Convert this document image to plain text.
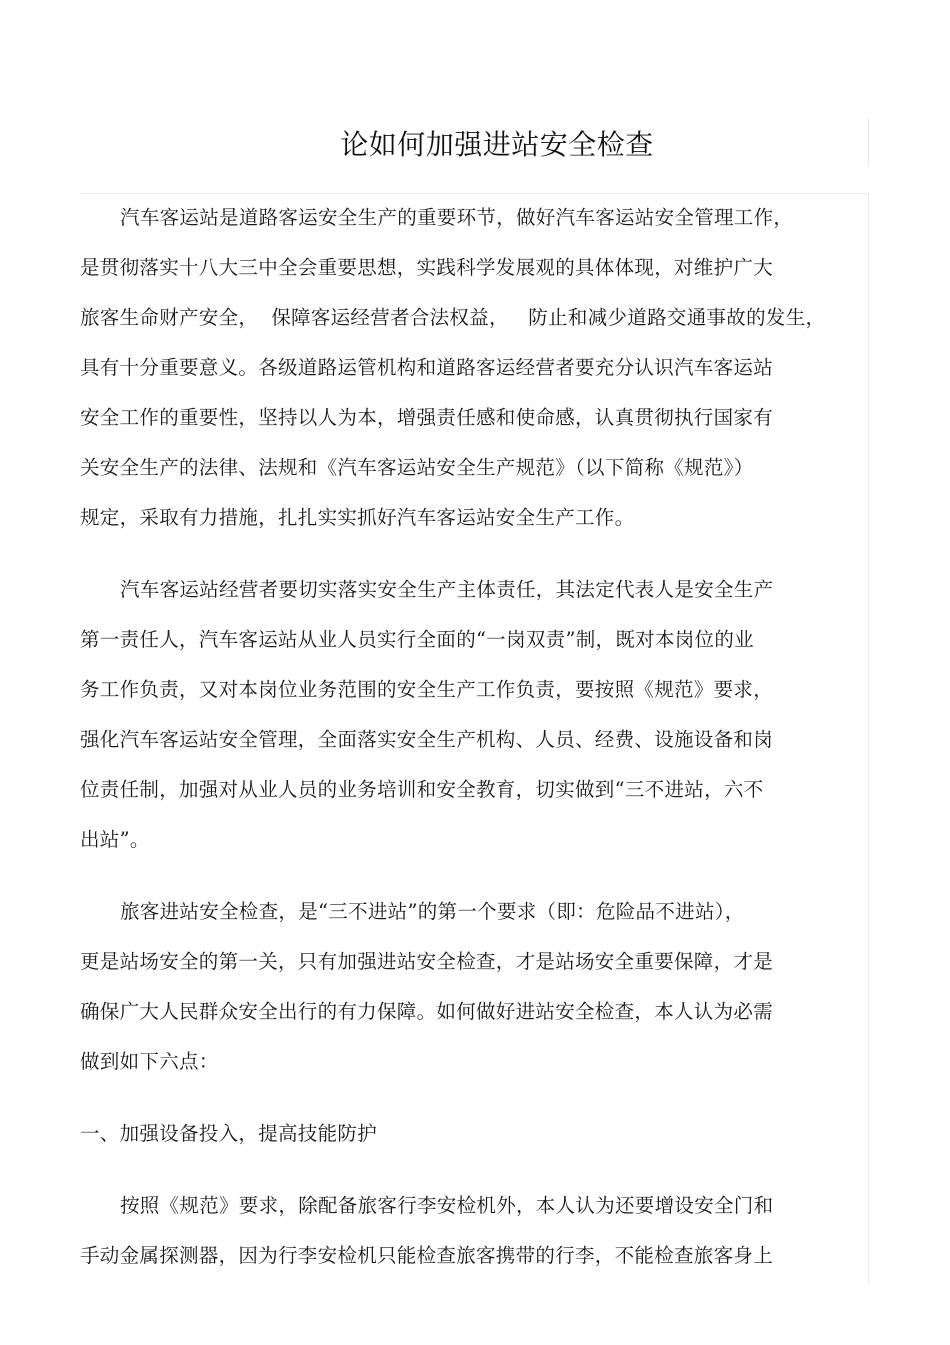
论如何加强进站安全检查
汽车客运站是道路客运安全生产的重要环节，做好汽车客运站安全管理工作，
是贯彻落实十八大三中全会重要思想，实践科学发展观的具体体现，对维护广大
旅客生命财产安全，  保障客运经营者合法权益，   防止和减少道路交通事故的发生，
具有十分重要意义。各级道路运管机构和道路客运经营者要充分认识汽车客运站
安全工作的重要性，坚持以人为本，增强责任感和使命感，认真贯彻执行国家有
关安全生产的法律、法规和《汽车客运站安全生产规范》（以下简称《规范》）
规定，采取有力措施，扎扎实实抓好汽车客运站安全生产工作。
汽车客运站经营者要切实落实安全生产主体责任，其法定代表人是安全生产
第一责任人，汽车客运站从业人员实行全面的“一岗双责”制，既对本岗位的业
务工作负责，又对本岗位业务范围的安全生产工作负责，要按照《规范》要求，
强化汽车客运站安全管理，全面落实安全生产机构、人员、经费、设施设备和岗
位责任制，加强对从业人员的业务培训和安全教育，切实做到“三不进站，六不
出站”。
旅客进站安全检查，是“三不进站”的第一个要求（即：危险品不进站），
更是站场安全的第一关，只有加强进站安全检查，才是站场安全重要保障，才是
确保广大人民群众安全出行的有力保障。如何做好进站安全检查，本人认为必需
做到如下六点：
一、加强设备投入，提高技能防护
按照《规范》要求，除配备旅客行李安检机外，本人认为还要增设安全门和
手动金属探测器，因为行李安检机只能检查旅客携带的行李，不能检查旅客身上
